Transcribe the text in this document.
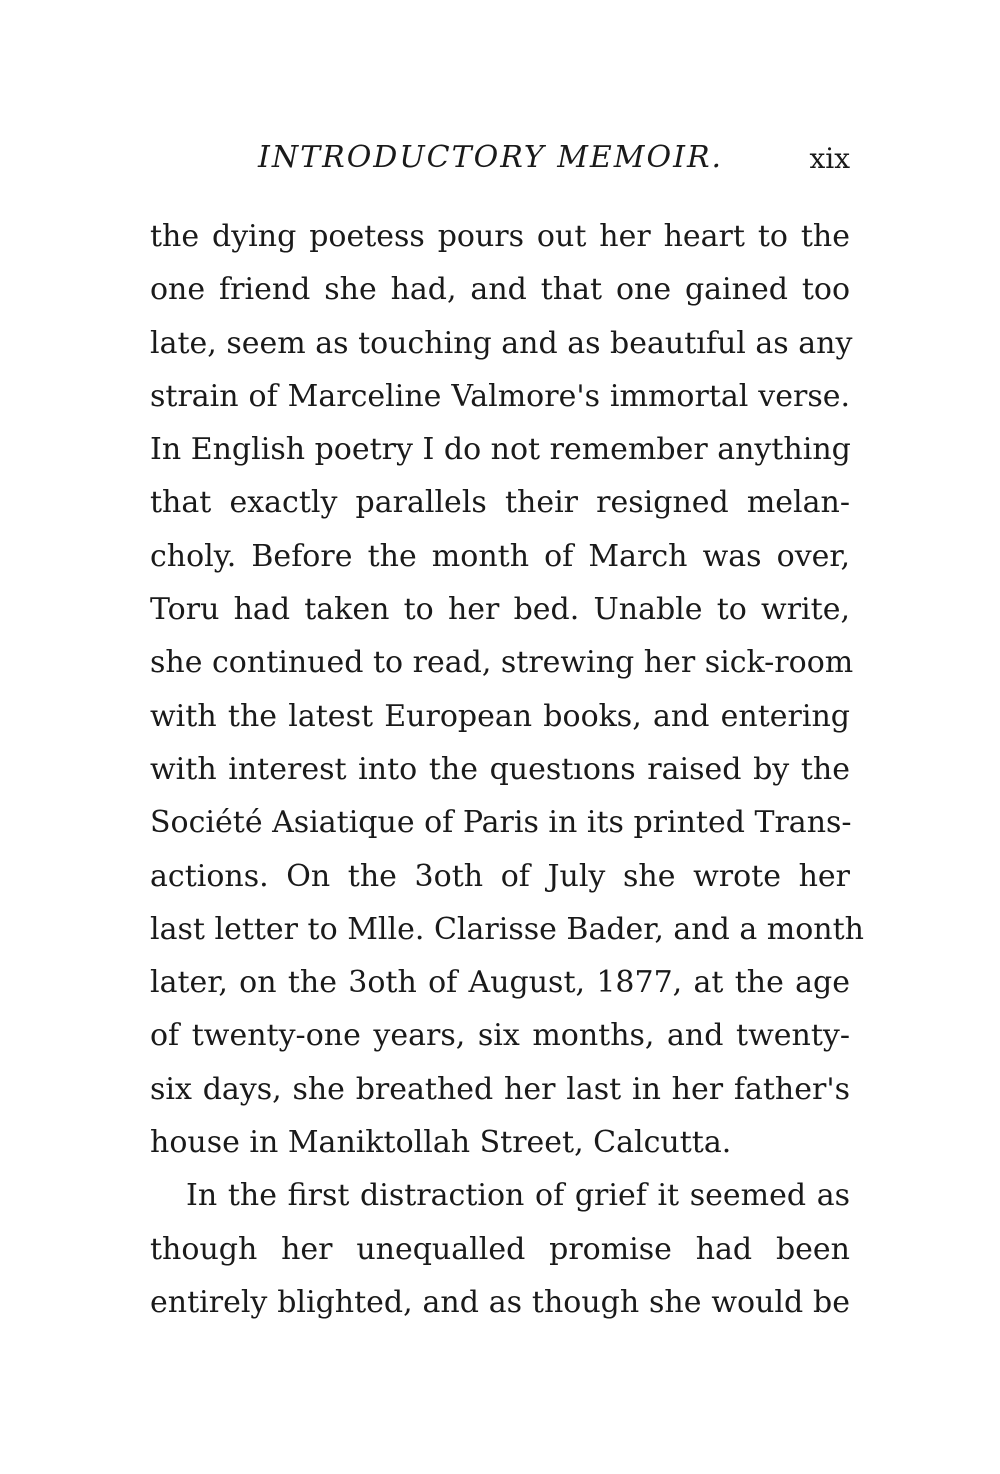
INTRODUCTORY MEMOIR.	xix
the dying poetess pours out her heart to the
one friend she had, and that one gained too
late, seem as touching and as beautıful as any
strain of Marceline Valmore's immortal verse.
In English poetry I do not remember anything
that exactly parallels their resigned melan-
choly. Before the month of March was over,
Toru had taken to her bed. Unable to write,
she continued to read, strewing her sick-room
with the latest European books, and entering
with interest into the questıons raised by the
Société Asiatique of Paris in its printed Trans-
actions. On the 3oth of July she wrote her
last letter to Mlle. Clarisse Bader, and a month
later, on the 3oth of August, 1877, at the age
of twenty-one years, six months, and twenty-
six days, she breathed her last in her father's
house in Maniktollah Street, Calcutta.
In the first distraction of grief it seemed as
though her unequalled promise had been
entirely blighted, and as though she would be
